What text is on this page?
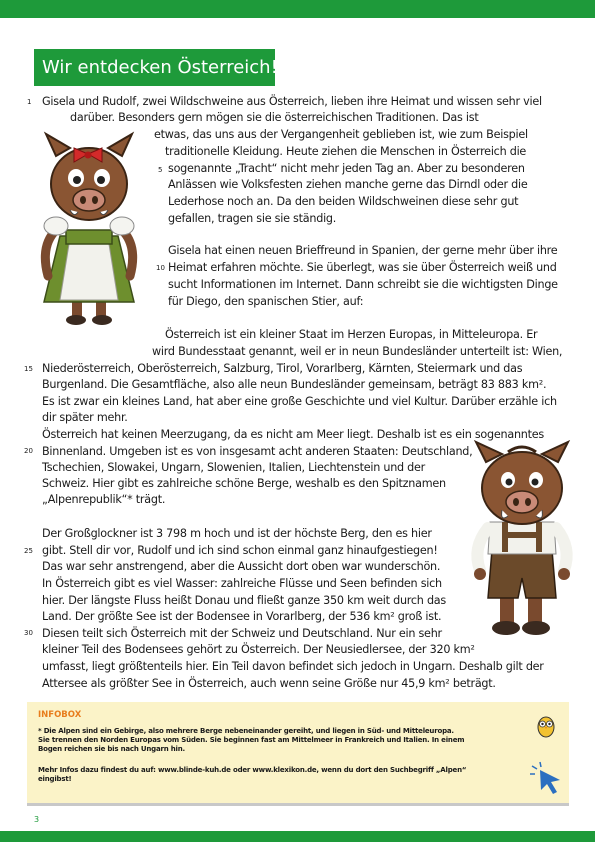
Wir entdecken Österreich!
1
5
10
15
20
25
30
Gisela und Rudolf, zwei Wildschweine aus Österreich, lieben ihre Heimat und wissen sehr viel
darüber. Besonders gern mögen sie die österreichischen Traditionen. Das ist
etwas, das uns aus der Vergangenheit geblieben ist, wie zum Beispiel
traditionelle Kleidung. Heute ziehen die Menschen in Österreich die
sogenannte „Tracht“ nicht mehr jeden Tag an. Aber zu besonderen
Anlässen wie Volksfesten ziehen manche gerne das Dirndl oder die
Lederhose noch an. Da den beiden Wildschweinen diese sehr gut
gefallen, tragen sie sie ständig.
Gisela hat einen neuen Brieffreund in Spanien, der gerne mehr über ihre
Heimat erfahren möchte. Sie überlegt, was sie über Österreich weiß und
sucht Informationen im Internet. Dann schreibt sie die wichtigsten Dinge
für Diego, den spanischen Stier, auf:
Österreich ist ein kleiner Staat im Herzen Europas, in Mitteleuropa. Er
wird Bundesstaat genannt, weil er in neun Bundesländer unterteilt ist: Wien,
Niederösterreich, Oberösterreich, Salzburg, Tirol, Vorarlberg, Kärnten, Steiermark und das
Burgenland. Die Gesamtfläche, also alle neun Bundesländer gemeinsam, beträgt 83 883 km².
Es ist zwar ein kleines Land, hat aber eine große Geschichte und viel Kultur. Darüber erzähle ich
dir später mehr.
Österreich hat keinen Meerzugang, da es nicht am Meer liegt. Deshalb ist es ein sogenanntes
Binnenland. Umgeben ist es von insgesamt acht anderen Staaten: Deutschland,
Tschechien, Slowakei, Ungarn, Slowenien, Italien, Liechtenstein und der
Schweiz. Hier gibt es zahlreiche schöne Berge, weshalb es den Spitznamen
„Alpenrepublik“* trägt.
Der Großglockner ist 3 798 m hoch und ist der höchste Berg, den es hier
gibt. Stell dir vor, Rudolf und ich sind schon einmal ganz hinaufgestiegen!
Das war sehr anstrengend, aber die Aussicht dort oben war wunderschön.
In Österreich gibt es viel Wasser: zahlreiche Flüsse und Seen befinden sich
hier. Der längste Fluss heißt Donau und fließt ganze 350 km weit durch das
Land. Der größte See ist der Bodensee in Vorarlberg, der 536 km² groß ist.
Diesen teilt sich Österreich mit der Schweiz und Deutschland. Nur ein sehr
kleiner Teil des Bodensees gehört zu Österreich. Der Neusiedlersee, der 320 km²
umfasst, liegt größtenteils hier. Ein Teil davon befindet sich jedoch in Ungarn. Deshalb gilt der
Attersee als größter See in Österreich, auch wenn seine Größe nur 45,9 km² beträgt.
INFOBOX
* Die Alpen sind ein Gebirge, also mehrere Berge nebeneinander gereiht, und liegen in Süd- und Mitteleuropa.
Sie trennen den Norden Europas vom Süden. Sie beginnen fast am Mittelmeer in Frankreich und Italien. In einem
Bogen reichen sie bis nach Ungarn hin.
Mehr Infos dazu findest du auf: www.blinde-kuh.de oder www.klexikon.de, wenn du dort den Suchbegriff „Alpen“
eingibst!
3
